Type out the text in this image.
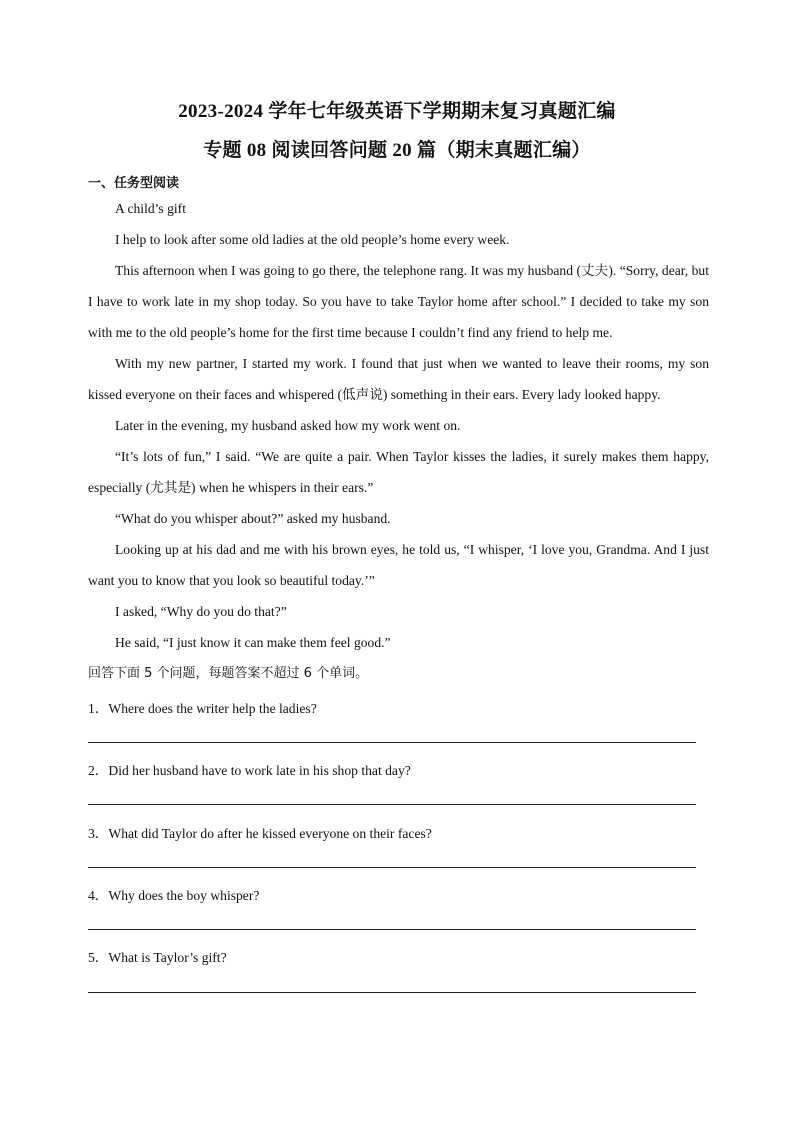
2023-2024 学年七年级英语下学期期末复习真题汇编
专题 08 阅读回答问题 20 篇（期末真题汇编）
一、任务型阅读

A child’s gift

I help to look after some old ladies at the old people’s home every week.

This afternoon when I was going to go there, the telephone rang. It was my husband (丈夫). “Sorry, dear, but I have to work late in my shop today. So you have to take Taylor home after school.” I decided to take my son with me to the old people’s home for the first time because I couldn’t find any friend to help me.

With my new partner, I started my work. I found that just when we wanted to leave their rooms, my son kissed everyone on their faces and whispered (低声说) something in their ears. Every lady looked happy.

Later in the evening, my husband asked how my work went on.

“It’s lots of fun,” I said. “We are quite a pair. When Taylor kisses the ladies, it surely makes them happy, especially (尤其是) when he whispers in their ears.”

“What do you whisper about?” asked my husband.

Looking up at his dad and me with his brown eyes, he told us, “I whisper, ‘I love you, Grandma. And I just want you to know that you look so beautiful today.’”

I asked, “Why do you do that?”

He said, “I just know it can make them feel good.”

回答下面 5 个问题，每题答案不超过 6 个单词。
1．Where does the writer help the ladies?
2．Did her husband have to work late in his shop that day?
3．What did Taylor do after he kissed everyone on their faces?
4．Why does the boy whisper?
5．What is Taylor’s gift?
